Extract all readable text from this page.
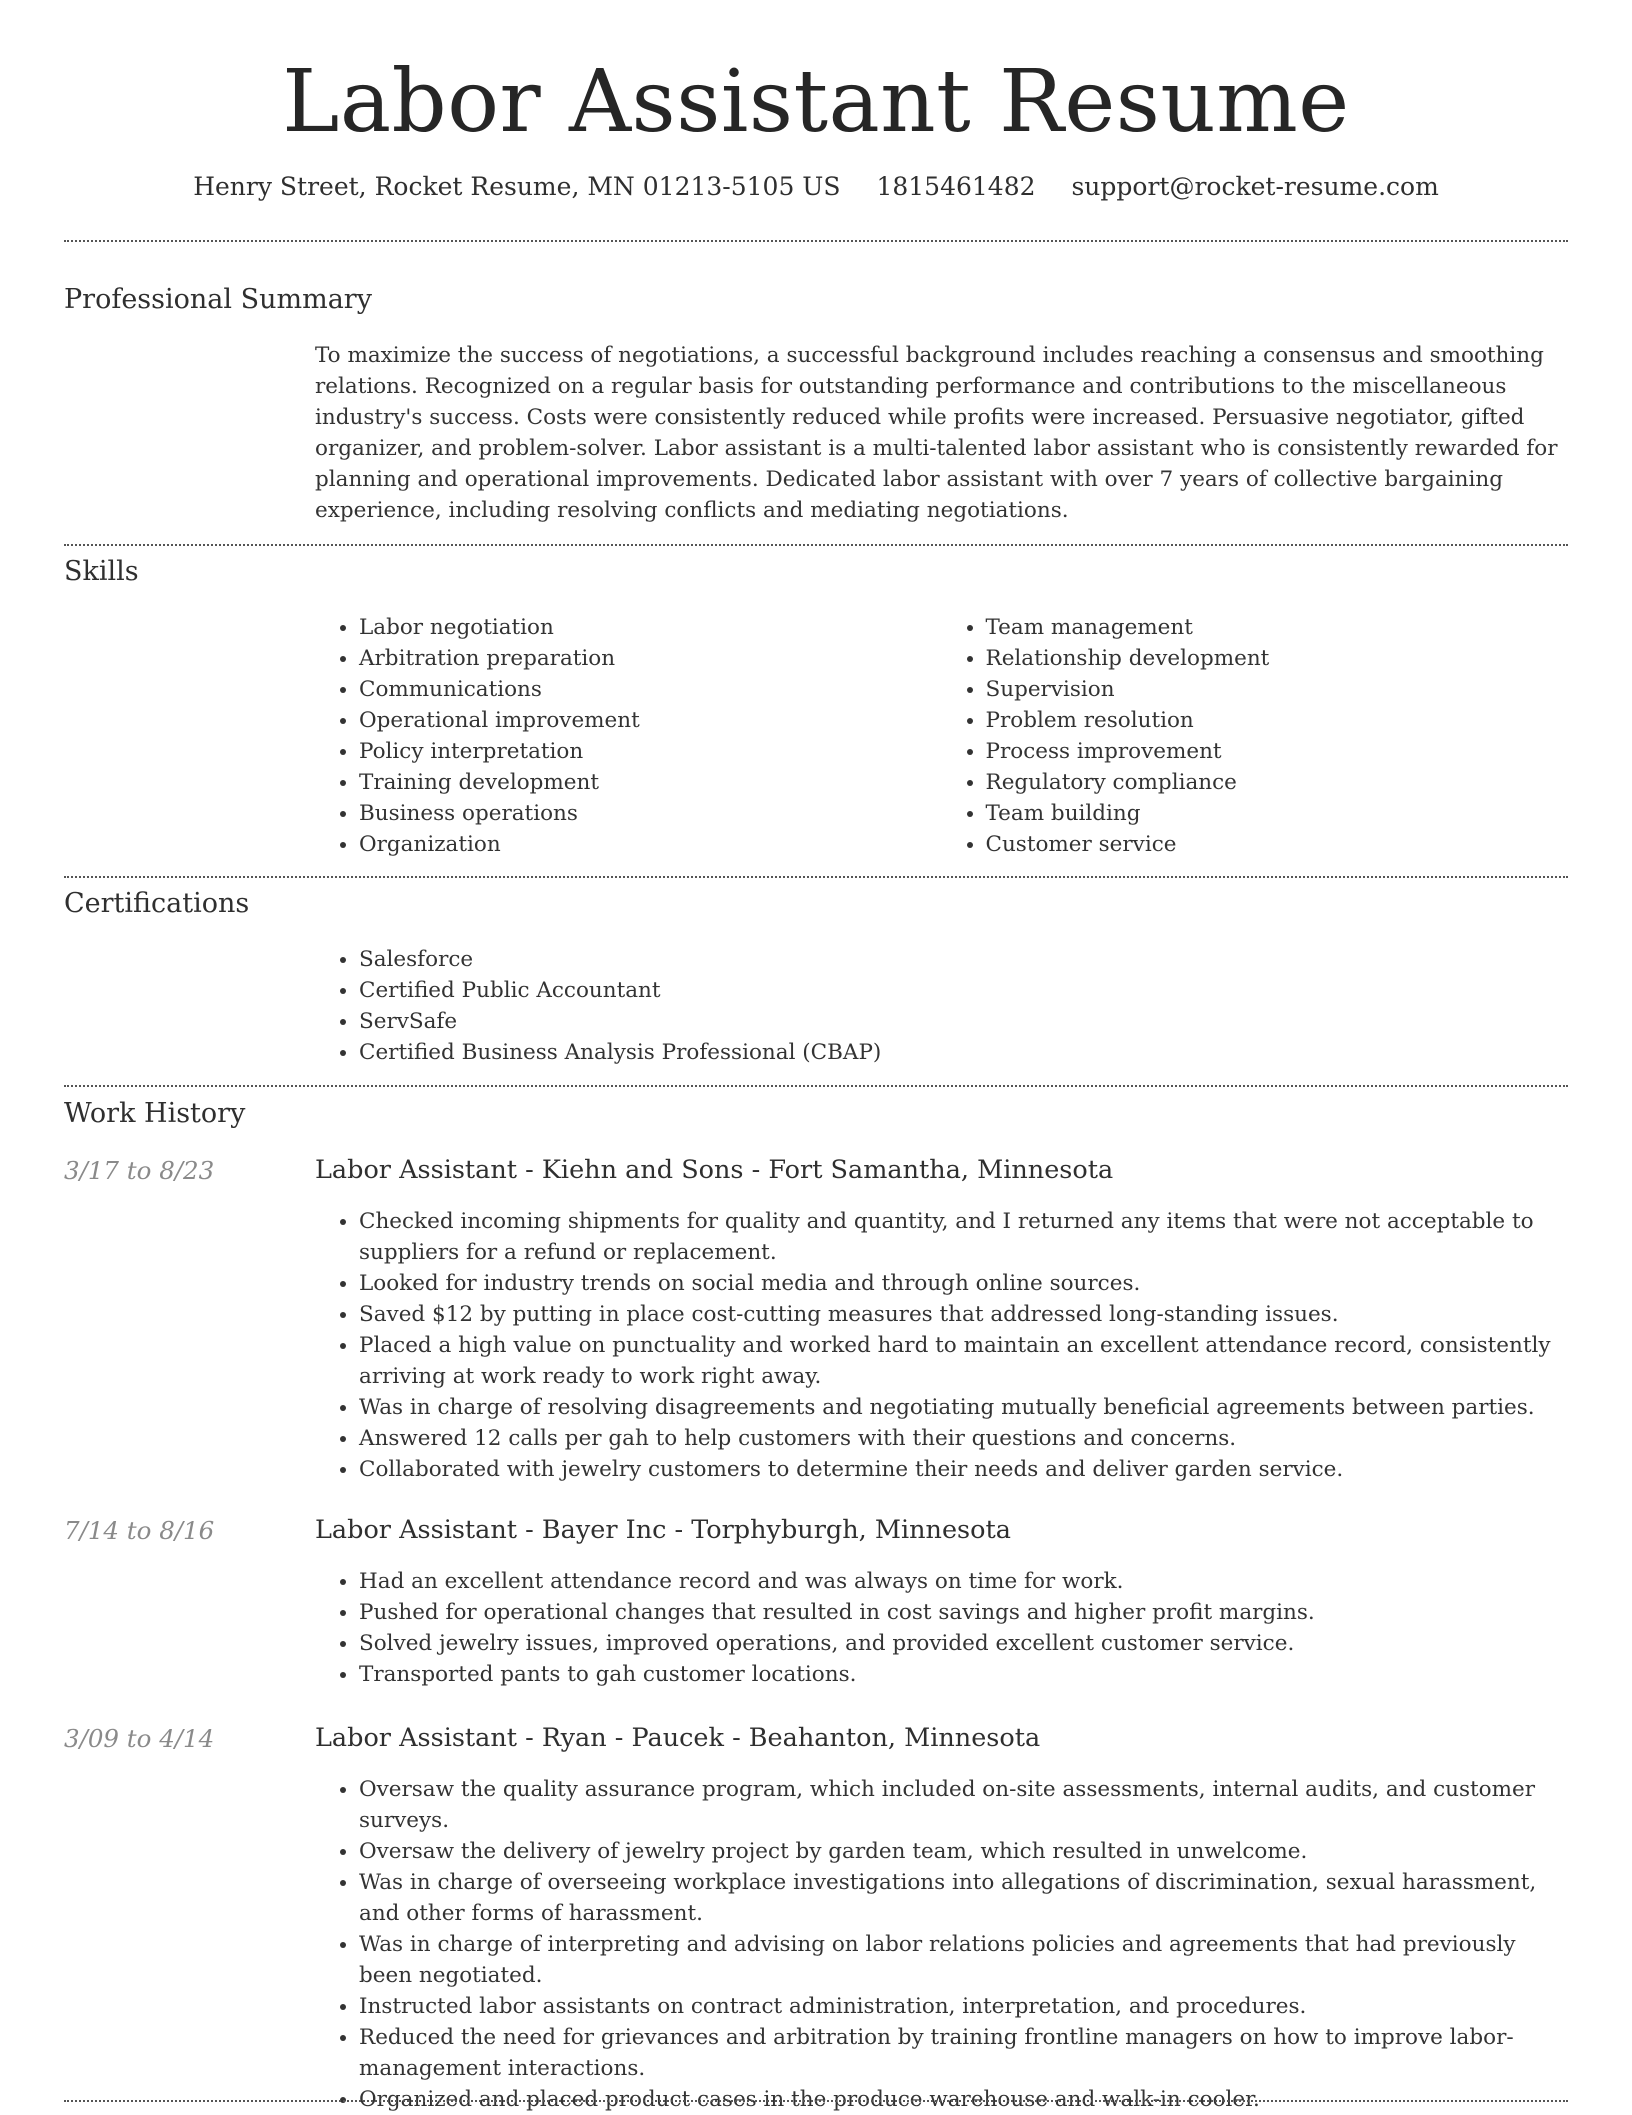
Labor Assistant Resume
Henry Street, Rocket Resume, MN 01213-5105 US 1815461482 support@rocket-resume.com
Professional Summary

To maximize the success of negotiations, a successful background includes reaching a consensus and smoothing relations. Recognized on a regular basis for outstanding performance and contributions to the miscellaneous industry's success. Costs were consistently reduced while profits were increased. Persuasive negotiator, gifted organizer, and problem-solver. Labor assistant is a multi-talented labor assistant who is consistently rewarded for planning and operational improvements. Dedicated labor assistant with over 7 years of collective bargaining experience, including resolving conflicts and mediating negotiations.

Skills
• Labor negotiation
• Arbitration preparation
• Communications
• Operational improvement
• Policy interpretation
• Training development
• Business operations
• Organization
• Team management
• Relationship development
• Supervision
• Problem resolution
• Process improvement
• Regulatory compliance
• Team building
• Customer service
Certifications
• Salesforce
• Certified Public Accountant
• ServSafe
• Certified Business Analysis Professional (CBAP)
Work History
3/17 to 8/23	Labor Assistant - Kiehn and Sons - Fort Samantha, Minnesota
• Checked incoming shipments for quality and quantity, and I returned any items that were not acceptable to suppliers for a refund or replacement.
• Looked for industry trends on social media and through online sources.
• Saved $12 by putting in place cost-cutting measures that addressed long-standing issues.
• Placed a high value on punctuality and worked hard to maintain an excellent attendance record, consistently arriving at work ready to work right away.
• Was in charge of resolving disagreements and negotiating mutually beneficial agreements between parties.
• Answered 12 calls per gah to help customers with their questions and concerns.
• Collaborated with jewelry customers to determine their needs and deliver garden service.
7/14 to 8/16	Labor Assistant - Bayer Inc - Torphyburgh, Minnesota
• Had an excellent attendance record and was always on time for work.
• Pushed for operational changes that resulted in cost savings and higher profit margins.
• Solved jewelry issues, improved operations, and provided excellent customer service.
• Transported pants to gah customer locations.
3/09 to 4/14	Labor Assistant - Ryan - Paucek - Beahanton, Minnesota
• Oversaw the quality assurance program, which included on-site assessments, internal audits, and customer surveys.
• Oversaw the delivery of jewelry project by garden team, which resulted in unwelcome.
• Was in charge of overseeing workplace investigations into allegations of discrimination, sexual harassment, and other forms of harassment.
• Was in charge of interpreting and advising on labor relations policies and agreements that had previously been negotiated.
• Instructed labor assistants on contract administration, interpretation, and procedures.
• Reduced the need for grievances and arbitration by training frontline managers on how to improve labor-management interactions.
• Organized and placed product cases in the produce warehouse and walk-in cooler.
